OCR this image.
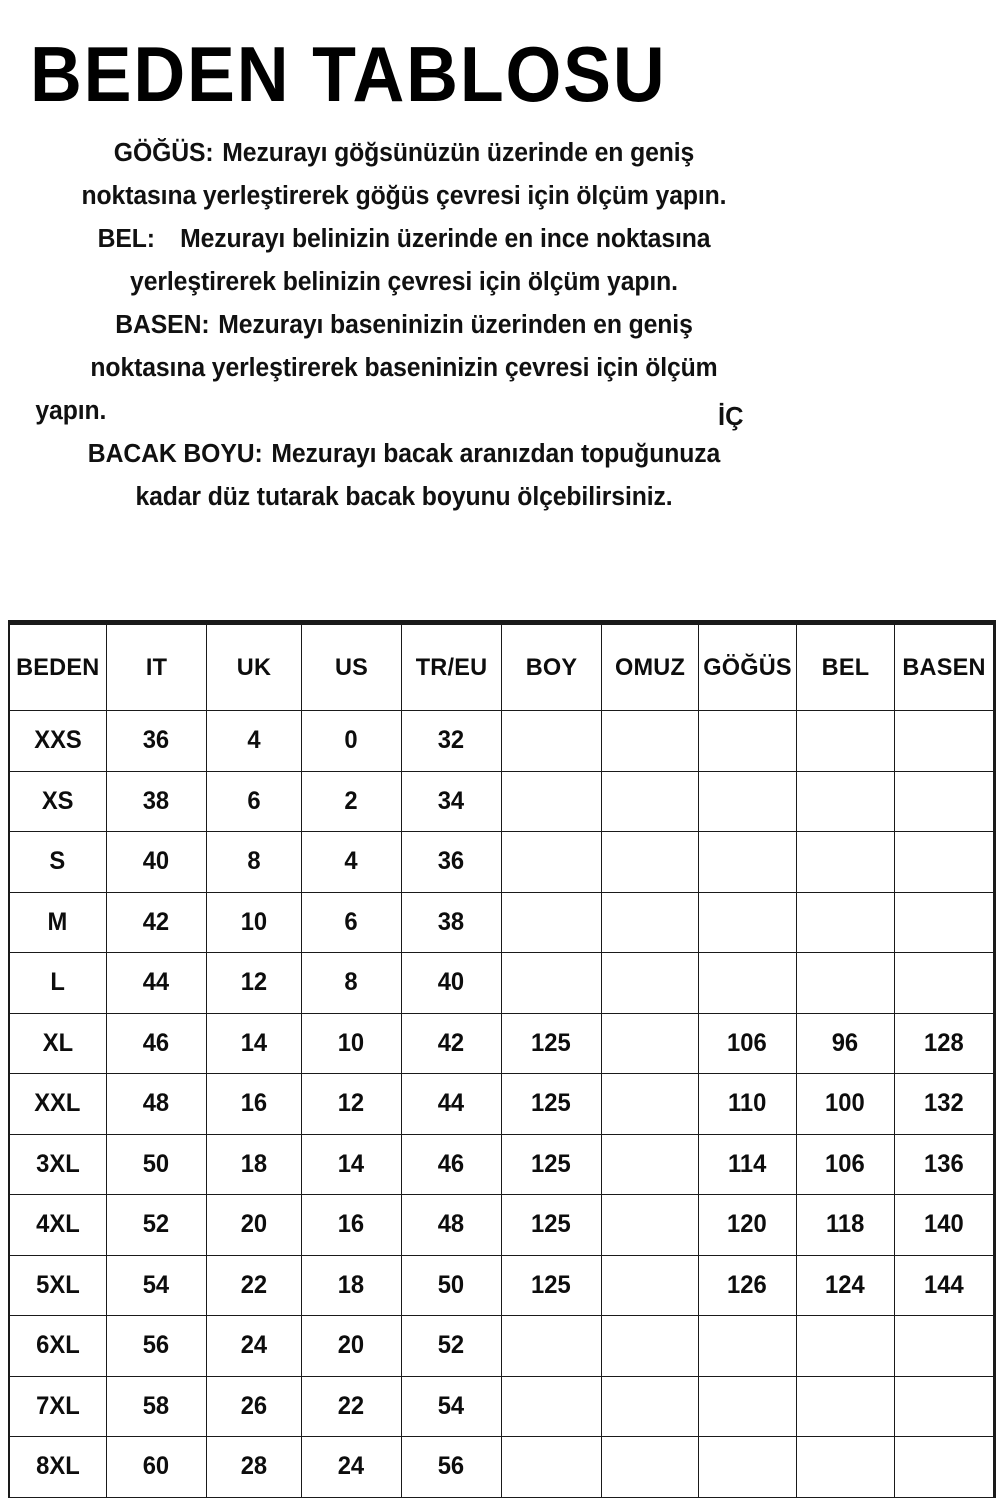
BEDEN TABLOSU

GÖĞÜS: Mezurayı göğsünüzün üzerinde en geniş

noktasına yerleştirerek göğüs çevresi için ölçüm yapın.

BEL: Mezurayı belinizin üzerinde en ince noktasına

yerleştirerek belinizin çevresi için ölçüm yapın.

BASEN: Mezurayı baseninizin üzerinden en geniş

noktasına yerleştirerek baseninizin çevresi için ölçüm

yapın.

BACAK BOYU: Mezurayı bacak aranızdan topuğunuza

kadar düz tutarak bacak boyunu ölçebilirsiniz.

İÇ
BEDEN	IT	UK	US	TR/EU	BOY	OMUZ	GÖĞÜS	BEL	BASEN

XXS	36	4	0	32					
XS	38	6	2	34					
S	40	8	4	36					
M	42	10	6	38					
L	44	12	8	40					
XL	46	14	10	42	125		106	96	128
XXL	48	16	12	44	125		110	100	132
3XL	50	18	14	46	125		114	106	136
4XL	52	20	16	48	125		120	118	140
5XL	54	22	18	50	125		126	124	144
6XL	56	24	20	52					
7XL	58	26	22	54					
8XL	60	28	24	56					
